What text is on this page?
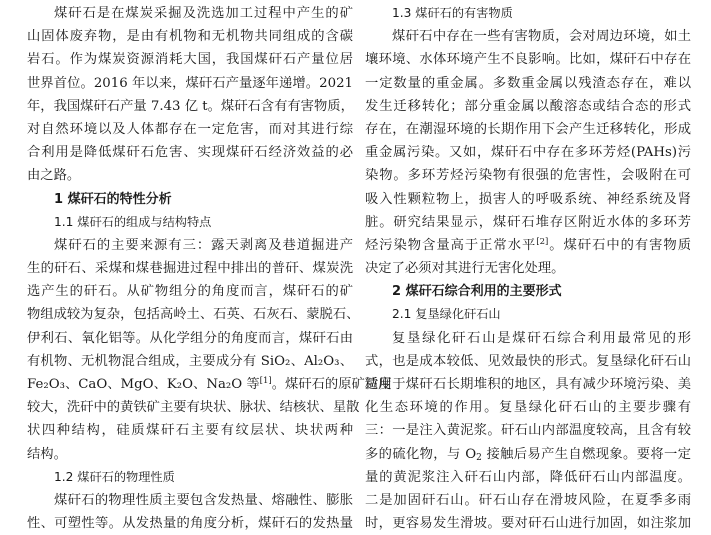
煤矸石是在煤炭采掘及洗选加工过程中产生的矿
山固体废弃物，是由有机物和无机物共同组成的含碳
岩石。作为煤炭资源消耗大国，我国煤矸石产量位居
世界首位。2016 年以来，煤矸石产量逐年递增。2021
年，我国煤矸石产量 7.43 亿 t。煤矸石含有有害物质，
对自然环境以及人体都存在一定危害，而对其进行综
合利用是降低煤矸石危害、实现煤矸石经济效益的必
由之路。
1 煤矸石的特性分析
1.1 煤矸石的组成与结构特点
煤矸石的主要来源有三：露天剥离及巷道掘进产
生的矸石、采煤和煤巷掘进过程中排出的普矸、煤炭洗
选产生的矸石。从矿物组分的角度而言，煤矸石的矿
物组成较为复杂，包括高岭土、石英、石灰石、蒙脱石、
伊利石、氧化铝等。从化学组分的角度而言，煤矸石由
有机物、无机物混合组成，主要成分有 SiO₂、Al₂O₃、
Fe₂O₃、CaO、MgO、K₂O、Na₂O 等[1]。煤矸石的原矿粒度
较大，洗矸中的黄铁矿主要有块状、脉状、结核状、星散
状四种结构，硅质煤矸石主要有纹层状、块状两种
结构。
1.2 煤矸石的物理性质
煤矸石的物理性质主要包含发热量、熔融性、膨胀
性、可塑性等。从发热量的角度分析，煤矸石的发热量
1.3 煤矸石的有害物质
煤矸石中存在一些有害物质，会对周边环境，如土
壤环境、水体环境产生不良影响。比如，煤矸石中存在
一定数量的重金属。多数重金属以残渣态存在，难以
发生迁移转化；部分重金属以酸溶态或结合态的形式
存在，在潮湿环境的长期作用下会产生迁移转化，形成
重金属污染。又如，煤矸石中存在多环芳烃(PAHs)污
染物。多环芳烃污染物有很强的危害性，会吸附在可
吸入性颗粒物上，损害人的呼吸系统、神经系统及肾
脏。研究结果显示，煤矸石堆存区附近水体的多环芳
烃污染物含量高于正常水平[2]。煤矸石中的有害物质
决定了必须对其进行无害化处理。
2 煤矸石综合利用的主要形式
2.1 复垦绿化矸石山
复垦绿化矸石山是煤矸石综合利用最常见的形
式，也是成本较低、见效最快的形式。复垦绿化矸石山
适用于煤矸石长期堆积的地区，具有减少环境污染、美
化生态环境的作用。复垦绿化矸石山的主要步骤有
三：一是注入黄泥浆。矸石山内部温度较高，且含有较
多的硫化物，与 $O_2$ 接触后易产生自燃现象。要将一定
量的黄泥浆注入矸石山内部，降低矸石山内部温度。
二是加固矸石山。矸石山存在滑坡风险，在夏季多雨
时，更容易发生滑坡。要对矸石山进行加固，如注浆加
